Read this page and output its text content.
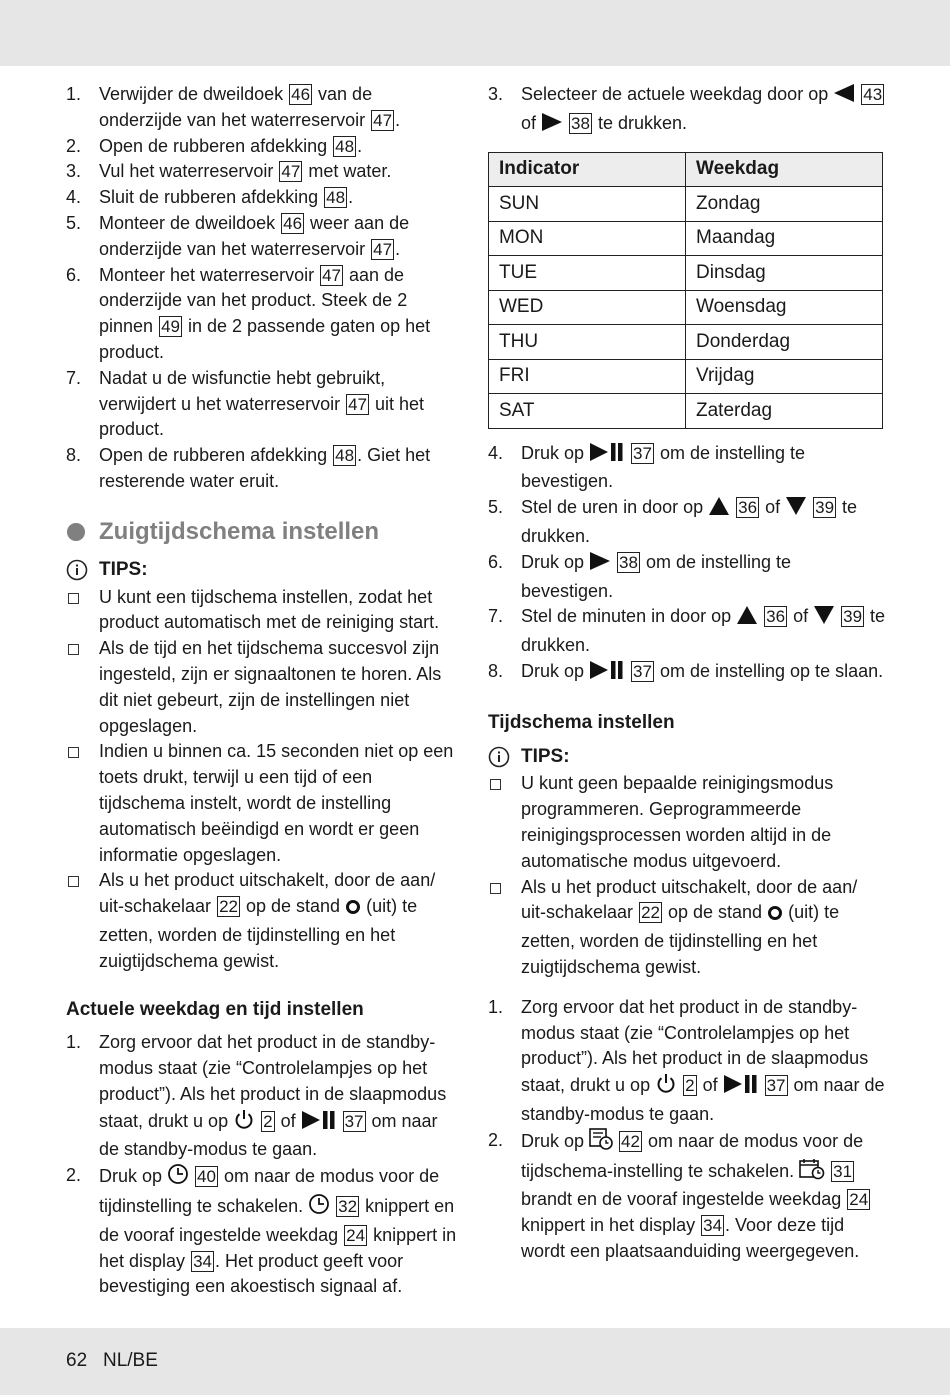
1. Verwijder de dweildoek 46 van de onderzijde van het waterreservoir 47 .
2. Open de rubberen afdekking 48 .
3. Vul het waterreservoir 47 met water.
4. Sluit de rubberen afdekking 48 .
5. Monteer de dweildoek 46 weer aan de onderzijde van het waterreservoir 47 .
6. Monteer het waterreservoir 47 aan de onderzijde van het product. Steek de 2 pinnen 49 in de 2 passende gaten op het product.
7. Nadat u de wisfunctie hebt gebruikt, verwijdert u het waterreservoir 47 uit het product.
8. Open de rubberen afdekking 48 . Giet het resterende water eruit.
Zuigtijdschema instellen
TIPS:
U kunt een tijdschema instellen, zodat het product automatisch met de reiniging start.
Als de tijd en het tijdschema succesvol zijn ingesteld, zijn er signaaltonen te horen. Als dit niet gebeurt, zijn de instellingen niet opgeslagen.
Indien u binnen ca. 15 seconden niet op een toets drukt, terwijl u een tijd of een tijdschema instelt, wordt de instelling automatisch beëindigd en wordt er geen informatie opgeslagen.
Als u het product uitschakelt, door de aan/ uit-schakelaar 22 op de stand  (uit) te zetten, worden de tijdinstelling en het zuigtijdschema gewist.
Actuele weekdag en tijd instellen
1. Zorg ervoor dat het product in de standby-modus staat (zie “Controlelampjes op het product”). Als het product in de slaapmodus staat, drukt u op  2 of	37 om naar de standby-modus te gaan.
2. Druk op  40 om naar de modus voor de tijdinstelling te schakelen.  32 knippert en de vooraf ingestelde weekdag 24 knippert in het display 34 . Het product geeft voor bevestiging een akoestisch signaal af.
3. Selecteer de actuele weekdag door op  43 of  38 te drukken.
Indicator	Weekdag
SUN	Zondag
MON	Maandag
TUE	Dinsdag
WED	Woensdag
THU	Donderdag
FRI	Vrijdag
SAT	Zaterdag
4. Druk op	37 om de instelling te bevestigen.
5. Stel de uren in door op  36 of  39 te drukken.
6. Druk op  38 om de instelling te bevestigen.
7. Stel de minuten in door op  36 of  39 te drukken.
8. Druk op	37 om de instelling op te slaan.
Tijdschema instellen
TIPS:
U kunt geen bepaalde reinigingsmodus programmeren. Geprogrammeerde reinigingsprocessen worden altijd in de automatische modus uitgevoerd.
Als u het product uitschakelt, door de aan/ uit-schakelaar 22 op de stand  (uit) te zetten, worden de tijdinstelling en het zuigtijdschema gewist.
1. Zorg ervoor dat het product in de standby-modus staat (zie “Controlelampjes op het product”). Als het product in de slaapmodus staat, drukt u op  2 of	37 om naar de standby-modus te gaan.
2. Druk op  42 om naar de modus voor de tijdschema-instelling te schakelen.  31 brandt en de vooraf ingestelde weekdag 24 knippert in het display 34 . Voor deze tijd wordt een plaatsaanduiding weergegeven.
62 NL/BE
